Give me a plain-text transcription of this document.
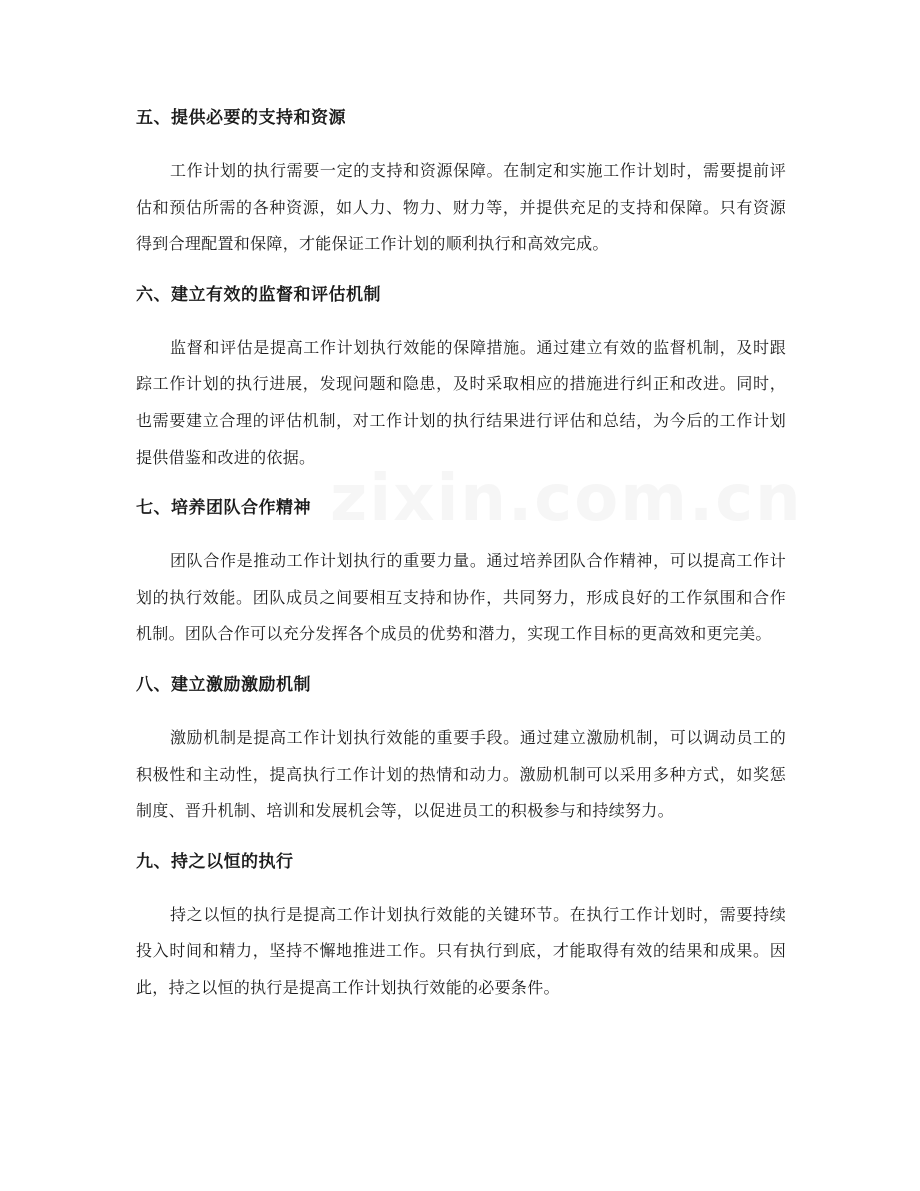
zixin.com.cn
五、提供必要的支持和资源

工作计划的执行需要一定的支持和资源保障。在制定和实施工作计划时，需要提前评估和预估所需的各种资源，如人力、物力、财力等，并提供充足的支持和保障。只有资源得到合理配置和保障，才能保证工作计划的顺利执行和高效完成。

六、建立有效的监督和评估机制

监督和评估是提高工作计划执行效能的保障措施。通过建立有效的监督机制，及时跟踪工作计划的执行进展，发现问题和隐患，及时采取相应的措施进行纠正和改进。同时，也需要建立合理的评估机制，对工作计划的执行结果进行评估和总结，为今后的工作计划提供借鉴和改进的依据。

七、培养团队合作精神

团队合作是推动工作计划执行的重要力量。通过培养团队合作精神，可以提高工作计划的执行效能。团队成员之间要相互支持和协作，共同努力，形成良好的工作氛围和合作机制。团队合作可以充分发挥各个成员的优势和潜力，实现工作目标的更高效和更完美。

八、建立激励激励机制

激励机制是提高工作计划执行效能的重要手段。通过建立激励机制，可以调动员工的积极性和主动性，提高执行工作计划的热情和动力。激励机制可以采用多种方式，如奖惩制度、晋升机制、培训和发展机会等，以促进员工的积极参与和持续努力。

九、持之以恒的执行

持之以恒的执行是提高工作计划执行效能的关键环节。在执行工作计划时，需要持续投入时间和精力，坚持不懈地推进工作。只有执行到底，才能取得有效的结果和成果。因此，持之以恒的执行是提高工作计划执行效能的必要条件。
